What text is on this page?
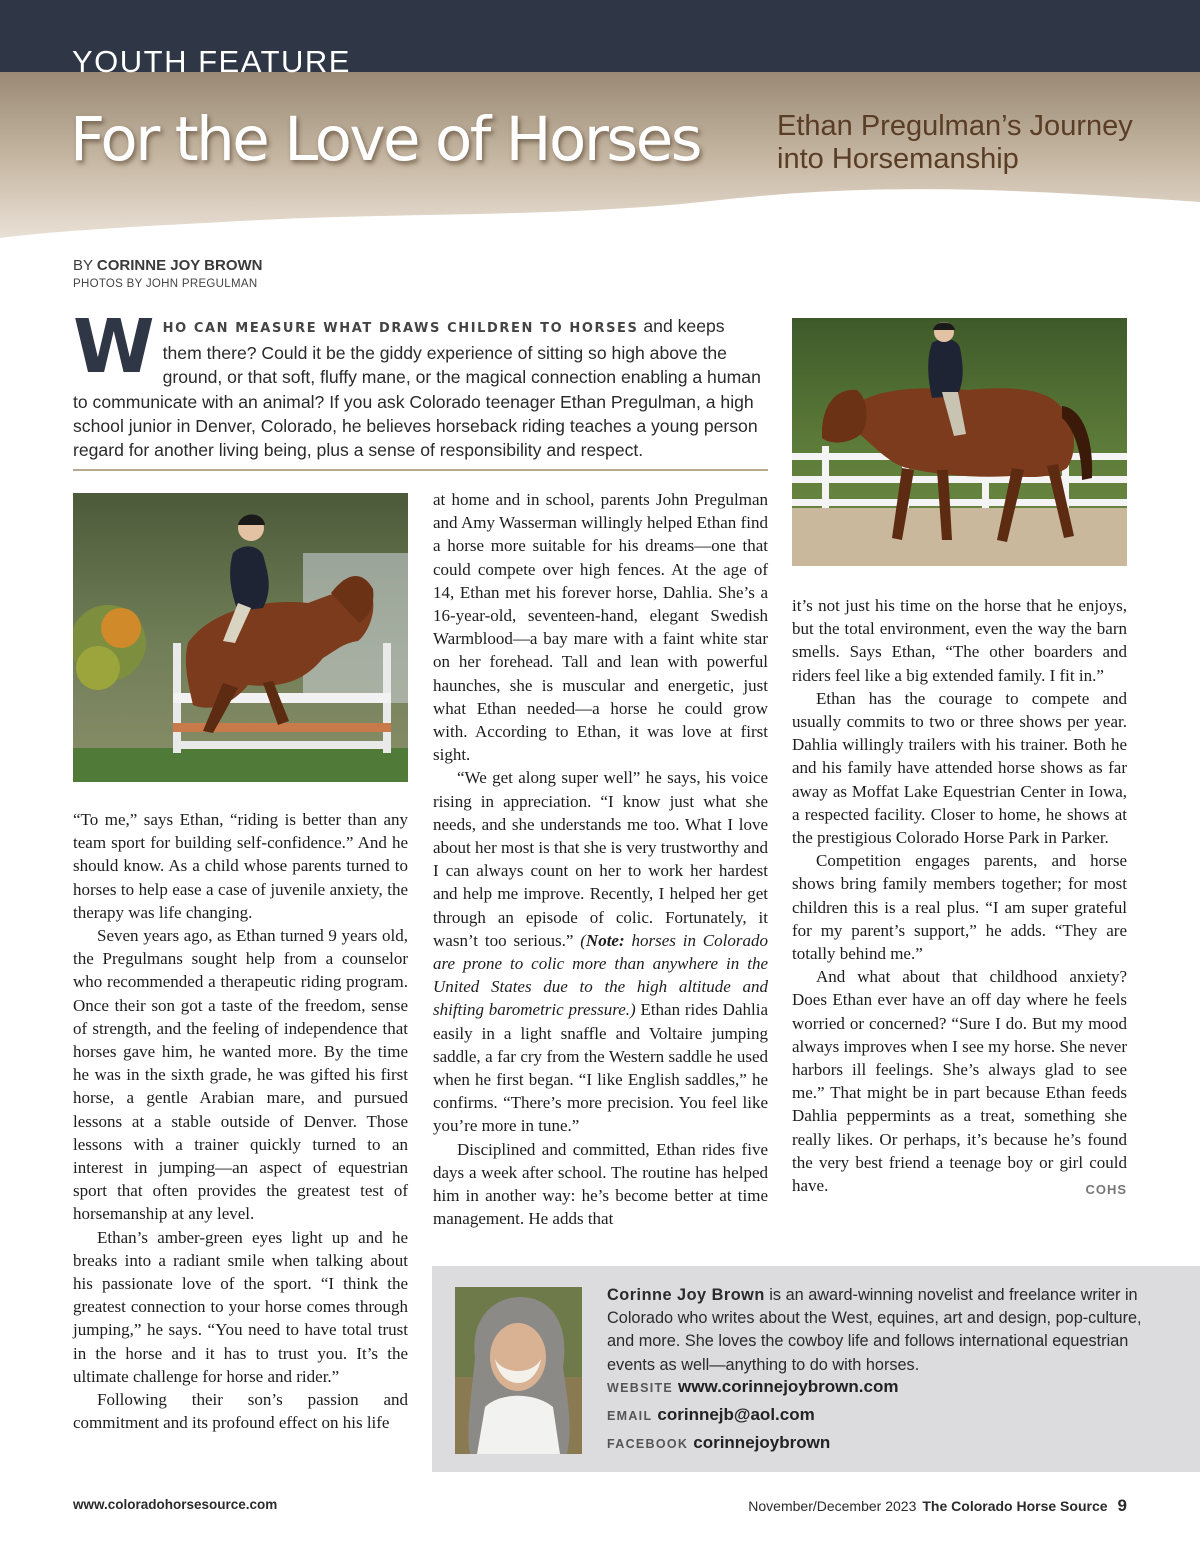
YOUTH FEATURE
For the Love of Horses	Ethan Pregulman’s Journey into Horsemanship
BY CORINNE JOY BROWN
PHOTOS BY JOHN PREGULMAN
WHO CAN MEASURE WHAT DRAWS CHILDREN TO HORSES and keeps them there? Could it be the giddy experience of sitting so high above the ground, or that soft, fluffy mane, or the magical connection enabling a human to communicate with an animal? If you ask Colorado teenager Ethan Pregulman, a high school junior in Denver, Colorado, he believes horseback riding teaches a young person regard for another living being, plus a sense of responsibility and respect.

“To me,” says Ethan, “riding is better than any team sport for building self-confidence.” And he should know. As a child whose parents turned to horses to help ease a case of juvenile anxiety, the therapy was life changing.

Seven years ago, as Ethan turned 9 years old, the Pregulmans sought help from a counselor who recommended a therapeutic riding program. Once their son got a taste of the freedom, sense of strength, and the feeling of independence that horses gave him, he wanted more. By the time he was in the sixth grade, he was gifted his first horse, a gentle Arabian mare, and pursued lessons at a stable outside of Denver. Those lessons with a trainer quickly turned to an interest in jumping—an aspect of equestrian sport that often provides the greatest test of horsemanship at any level.

Ethan’s amber-green eyes light up and he breaks into a radiant smile when talking about his passionate love of the sport. “I think the greatest connection to your horse comes through jumping,” he says. “You need to have total trust in the horse and it has to trust you. It’s the ultimate challenge for horse and rider.”

Following their son’s passion and commitment and its profound effect on his life

at home and in school, parents John Pregulman and Amy Wasserman willingly helped Ethan find a horse more suitable for his dreams—one that could compete over high fences. At the age of 14, Ethan met his forever horse, Dahlia. She’s a 16-year-old, seventeen-hand, elegant Swedish Warmblood—a bay mare with a faint white star on her forehead. Tall and lean with powerful haunches, she is muscular and energetic, just what Ethan needed—a horse he could grow with. According to Ethan, it was love at first sight.

“We get along super well” he says, his voice rising in appreciation. “I know just what she needs, and she understands me too. What I love about her most is that she is very trustworthy and I can always count on her to work her hardest and help me improve. Recently, I helped her get through an episode of colic. Fortunately, it wasn’t too serious.” (Note: horses in Colorado are prone to colic more than anywhere in the United States due to the high altitude and shifting barometric pressure.) Ethan rides Dahlia easily in a light snaffle and Voltaire jumping saddle, a far cry from the Western saddle he used when he first began. “I like English saddles,” he confirms. “There’s more precision. You feel like you’re more in tune.”

Disciplined and committed, Ethan rides five days a week after school. The routine has helped him in another way: he’s become better at time management. He adds that

it’s not just his time on the horse that he enjoys, but the total environment, even the way the barn smells. Says Ethan, “The other boarders and riders feel like a big extended family. I fit in.”

Ethan has the courage to compete and usually commits to two or three shows per year. Dahlia willingly trailers with his trainer. Both he and his family have attended horse shows as far away as Moffat Lake Equestrian Center in Iowa, a respected facility. Closer to home, he shows at the prestigious Colorado Horse Park in Parker.

Competition engages parents, and horse shows bring family members together; for most children this is a real plus. “I am super grateful for my parent’s support,” he adds. “They are totally behind me.”

And what about that childhood anxiety? Does Ethan ever have an off day where he feels worried or concerned? “Sure I do. But my mood always improves when I see my horse. She never harbors ill feelings. She’s always glad to see me.” That might be in part because Ethan feeds Dahlia peppermints as a treat, something she really likes. Or perhaps, it’s because he’s found the very best friend a teenage boy or girl could have.	COHS

Corinne Joy Brown is an award-winning novelist and freelance writer in Colorado who writes about the West, equines, art and design, pop-culture, and more. She loves the cowboy life and follows international equestrian events as well—anything to do with horses.
WEBSITE www.corinnejoybrown.com
EMAIL corinnejb@aol.com
FACEBOOK corinnejoybrown
www.coloradohorsesource.com	November/December 2023 The Colorado Horse Source 9
